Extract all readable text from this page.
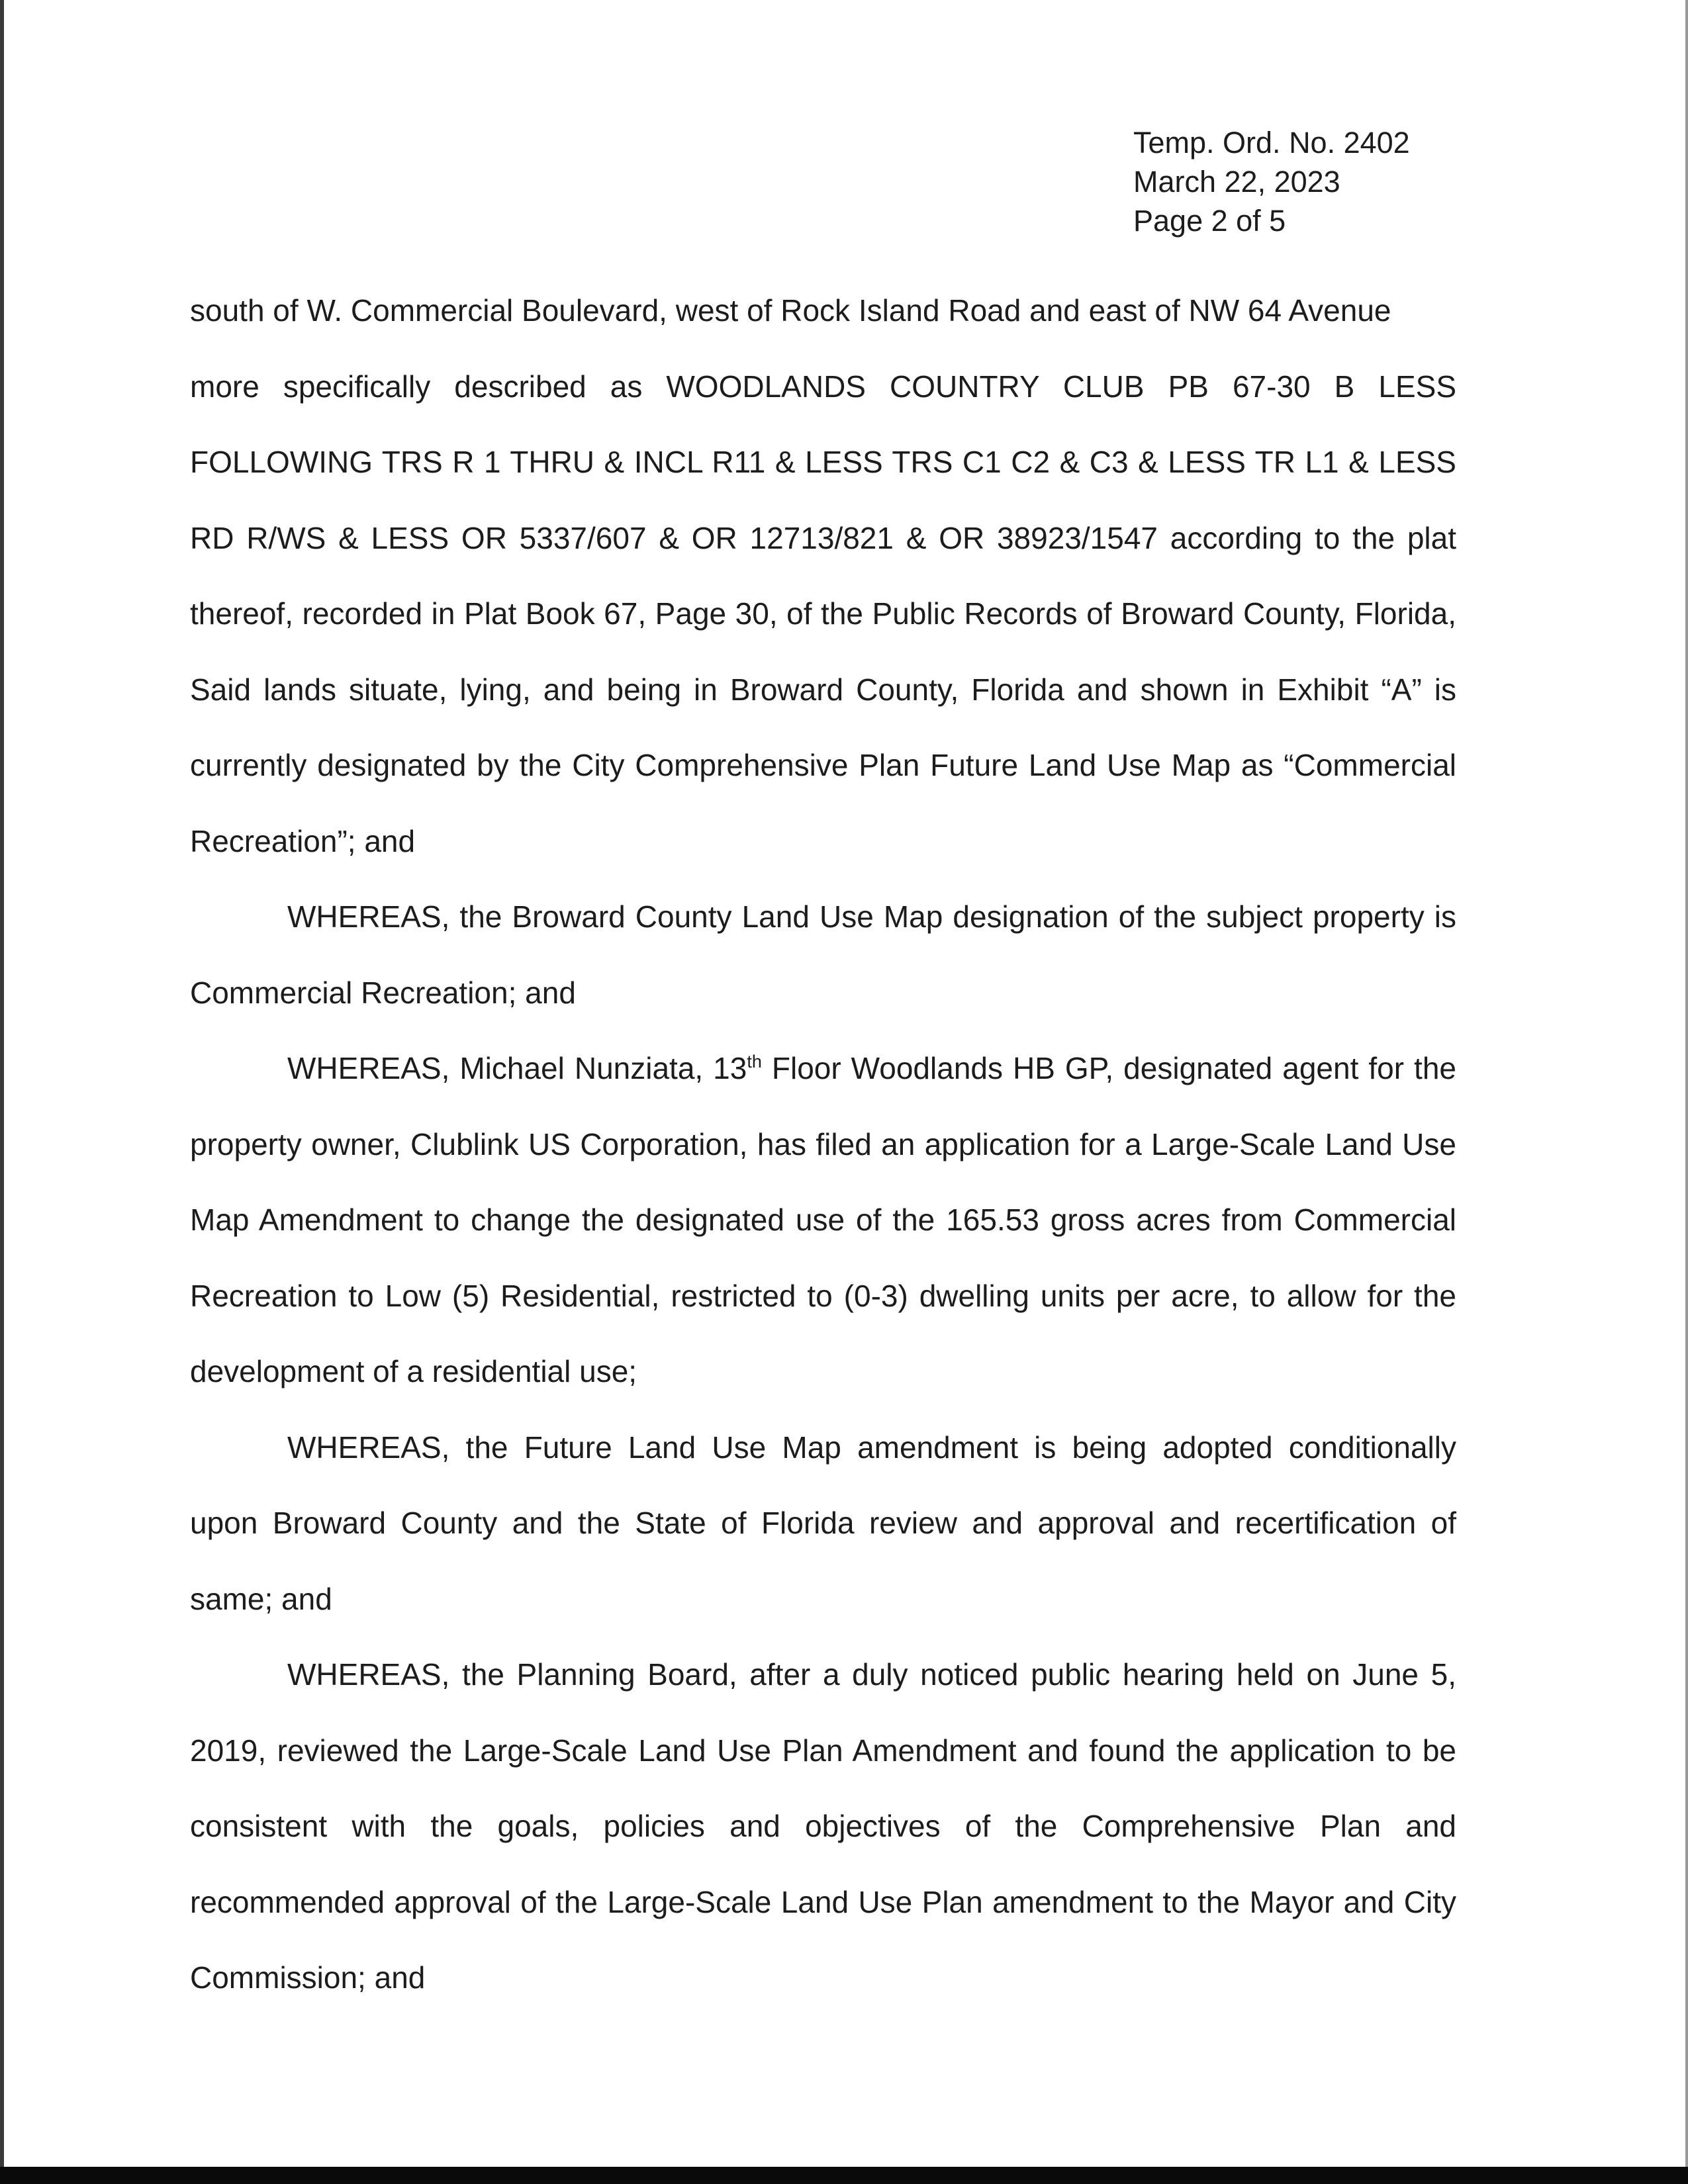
Temp. Ord. No. 2402
March 22, 2023
Page 2 of 5

south of W. Commercial Boulevard, west of Rock Island Road and east of NW 64 Avenue

more specifically described as WOODLANDS COUNTRY CLUB PB 67-30 B LESS FOLLOWING TRS R 1 THRU & INCL R11 & LESS TRS C1 C2 & C3 & LESS TR L1 & LESS RD R/WS & LESS OR 5337/607 & OR 12713/821 & OR 38923/1547 according to the plat thereof, recorded in Plat Book 67, Page 30, of the Public Records of Broward County, Florida, Said lands situate, lying, and being in Broward County, Florida and shown in Exhibit “A” is currently designated by the City Comprehensive Plan Future Land Use Map as “Commercial Recreation”; and

WHEREAS, the Broward County Land Use Map designation of the subject property is Commercial Recreation; and

WHEREAS, Michael Nunziata, 13th Floor Woodlands HB GP, designated agent for the property owner, Clublink US Corporation, has filed an application for a Large-Scale Land Use Map Amendment to change the designated use of the 165.53 gross acres from Commercial Recreation to Low (5) Residential, restricted to (0-3) dwelling units per acre, to allow for the development of a residential use;

WHEREAS, the Future Land Use Map amendment is being adopted conditionally upon Broward County and the State of Florida review and approval and recertification of same; and

WHEREAS, the Planning Board, after a duly noticed public hearing held on June 5, 2019, reviewed the Large-Scale Land Use Plan Amendment and found the application to be consistent with the goals, policies and objectives of the Comprehensive Plan and recommended approval of the Large-Scale Land Use Plan amendment to the Mayor and City Commission; and
